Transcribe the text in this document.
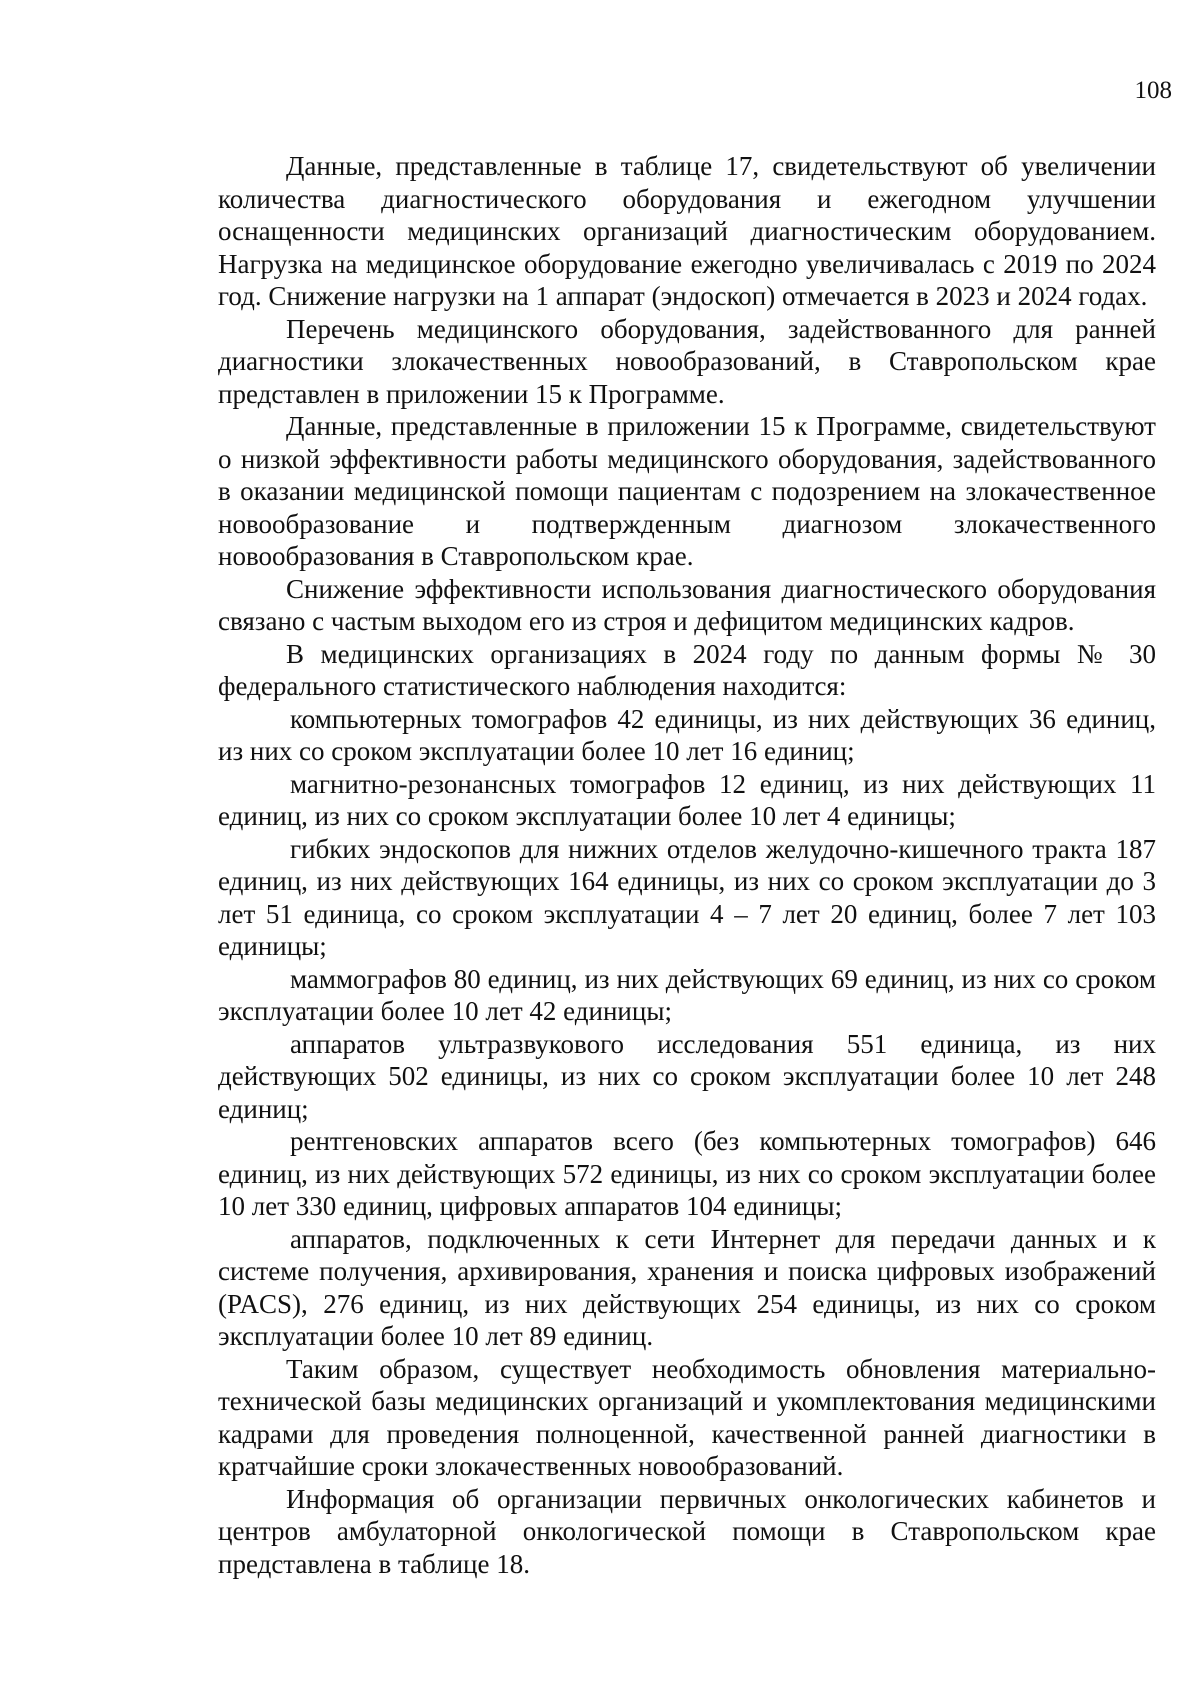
108

Данные, представленные в таблице 17, свидетельствуют об увеличении количества диагностического оборудования и ежегодном улучшении оснащенности медицинских организаций диагностическим оборудованием. Нагрузка на медицинское оборудование ежегодно увеличивалась с 2019 по 2024 год. Снижение нагрузки на 1 аппарат (эндоскоп) отмечается в 2023 и 2024 годах.

Перечень медицинского оборудования, задействованного для ранней диагностики злокачественных новообразований, в Ставропольском крае представлен в приложении 15 к Программе.

Данные, представленные в приложении 15 к Программе, свидетельствуют о низкой эффективности работы медицинского оборудования, задействованного в оказании медицинской помощи пациентам с подозрением на злокачественное новообразование и подтвержденным диагнозом злокачественного новообразования в Ставропольском крае.

Снижение эффективности использования диагностического оборудования связано с частым выходом его из строя и дефицитом медицинских кадров.

В медицинских организациях в 2024 году по данным формы № 30 федерального статистического наблюдения находится:

компьютерных томографов 42 единицы, из них действующих 36 единиц, из них со сроком эксплуатации более 10 лет 16 единиц;

магнитно-резонансных томографов 12 единиц, из них действующих 11 единиц, из них со сроком эксплуатации более 10 лет 4 единицы;

гибких эндоскопов для нижних отделов желудочно-кишечного тракта 187 единиц, из них действующих 164 единицы, из них со сроком эксплуатации до 3 лет 51 единица, со сроком эксплуатации 4 – 7 лет 20 единиц, более 7 лет 103 единицы;

маммографов 80 единиц, из них действующих 69 единиц, из них со сроком эксплуатации более 10 лет 42 единицы;

аппаратов ультразвукового исследования 551 единица, из них действующих 502 единицы, из них со сроком эксплуатации более 10 лет 248 единиц;

рентгеновских аппаратов всего (без компьютерных томографов) 646 единиц, из них действующих 572 единицы, из них со сроком эксплуатации более 10 лет 330 единиц, цифровых аппаратов 104 единицы;

аппаратов, подключенных к сети Интернет для передачи данных и к системе получения, архивирования, хранения и поиска цифровых изображений (PACS), 276 единиц, из них действующих 254 единицы, из них со сроком эксплуатации более 10 лет 89 единиц.

Таким образом, существует необходимость обновления материально-технической базы медицинских организаций и укомплектования медицинскими кадрами для проведения полноценной, качественной ранней диагностики в кратчайшие сроки злокачественных новообразований.

Информация об организации первичных онкологических кабинетов и центров амбулаторной онкологической помощи в Ставропольском крае представлена в таблице 18.
